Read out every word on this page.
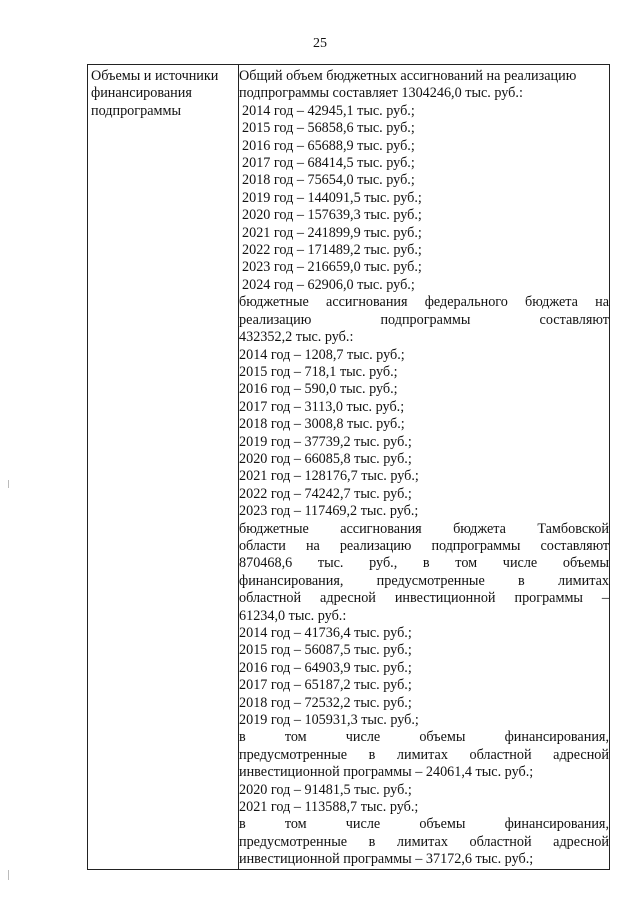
25
Объемы и источники
финансирования
подпрограммы

Общий объем бюджетных ассигнований на реализацию
подпрограммы составляет 1304246,0 тыс. руб.:
2014 год – 42945,1 тыс. руб.;
2015 год – 56858,6 тыс. руб.;
2016 год – 65688,9 тыс. руб.;
2017 год – 68414,5 тыс. руб.;
2018 год – 75654,0 тыс. руб.;
2019 год – 144091,5 тыс. руб.;
2020 год – 157639,3 тыс. руб.;
2021 год – 241899,9 тыс. руб.;
2022 год – 171489,2 тыс. руб.;
2023 год – 216659,0 тыс. руб.;
2024 год – 62906,0 тыс. руб.;
бюджетные ассигнования федерального бюджета на
реализацию подпрограммы составляют
432352,2 тыс. руб.:
2014 год – 1208,7 тыс. руб.;
2015 год – 718,1 тыс. руб.;
2016 год – 590,0 тыс. руб.;
2017 год – 3113,0 тыс. руб.;
2018 год – 3008,8 тыс. руб.;
2019 год – 37739,2 тыс. руб.;
2020 год – 66085,8 тыс. руб.;
2021 год – 128176,7 тыс. руб.;
2022 год – 74242,7 тыс. руб.;
2023 год – 117469,2 тыс. руб.;
бюджетные ассигнования бюджета Тамбовской
области на реализацию подпрограммы составляют
870468,6 тыс. руб., в том числе объемы
финансирования, предусмотренные в лимитах
областной адресной инвестиционной программы –
61234,0 тыс. руб.:
2014 год – 41736,4 тыс. руб.;
2015 год – 56087,5 тыс. руб.;
2016 год – 64903,9 тыс. руб.;
2017 год – 65187,2 тыс. руб.;
2018 год – 72532,2 тыс. руб.;
2019 год – 105931,3 тыс. руб.;
в том числе объемы финансирования,
предусмотренные в лимитах областной адресной
инвестиционной программы – 24061,4 тыс. руб.;
2020 год – 91481,5 тыс. руб.;
2021 год – 113588,7 тыс. руб.;
в том числе объемы финансирования,
предусмотренные в лимитах областной адресной
инвестиционной программы – 37172,6 тыс. руб.;
